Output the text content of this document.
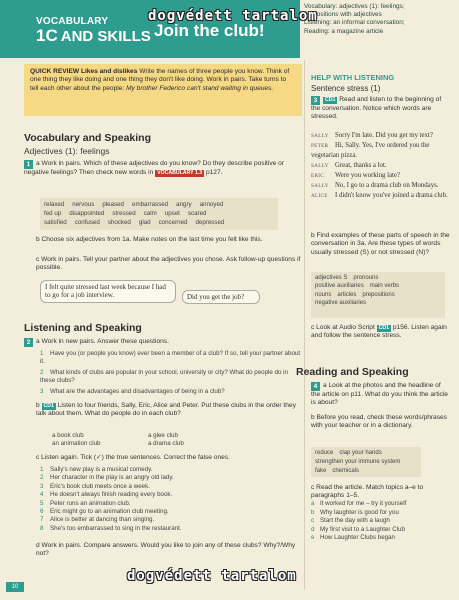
VOCABULARY
1C AND SKILLS Join the club!
Vocabulary: adjectives (1): feelings;
prepositions with adjectives
Listening: an informal conversation;
Reading: a magazine article
QUICK REVIEW Likes and dislikes Write the names of three people you know. Think of one thing they like doing and one thing they don't like doing. Work in pairs. Take turns to tell each other about the people: My brother Federico can't stand waiting in queues.
Vocabulary and Speaking
Adjectives (1): feelings
1 a Work in pairs. Which of these adjectives do you know? Do they describe positive or negative feelings? Then check new words in VOCABULARY 1.3 p127.
relaxed nervous pleased embarrassed angry annoyed
fed up disappointed stressed calm upset scared
satisfied confused shocked glad concerned depressed
b Choose six adjectives from 1a. Make notes on the last time you felt like this.
c Work in pairs. Tell your partner about the adjectives you chose. Ask follow-up questions if possible.
I felt quite stressed last week because I had to go for a job interview.	Did you get the job?
Listening and Speaking
2 a Work in new pairs. Answer these questions.
1 Have you (or people you know) ever been a member of a club? If so, tell your partner about it.
2 What kinds of clubs are popular in your school, university or city? What do people do in these clubs?
3 What are the advantages and disadvantages of being in a club?
b CD1 Listen to four friends, Sally, Eric, Alice and Peter. Put these clubs in the order they talk about them. What do people do in each club?
a book club
an animation club
a glee club
a drama club
c Listen again. Tick (✓) the true sentences. Correct the false ones.
1 Sally's new play is a musical comedy.
2 Her character in the play is an angry old lady.
3 Eric's book club meets once a week.
4 He doesn't always finish reading every book.
5 Peter runs an animation club.
6 Eric might go to an animation club meeting.
7 Alice is better at dancing than singing.
8 She's too embarrassed to sing in the restaurant.
d Work in pairs. Compare answers. Would you like to join any of these clubs? Why?/Why not?
HELP WITH LISTENING
Sentence stress (1)
3 CD1 Read and listen to the beginning of the conversation. Notice which words are stressed.
SALLY Sorry I'm late. Did you get my text?
PETER Hi, Sally. Yes, I've ordered you the vegetarian pizza.
SALLY Great, thanks a lot.
ERIC Were you working late?
SALLY No, I go to a drama club on Mondays.
ALICE I didn't know you've joined a drama club.
b Find examples of these parts of speech in the conversation in 3a. Are these types of words usually stressed (S) or not stressed (N)?
adjectives S pronouns
positive auxiliaries main verbs
nouns articles prepositions
negative auxiliaries
c Look at Audio Script CD1 p156. Listen again and follow the sentence stress.
Reading and Speaking
4 a Look at the photos and the headline of the article on p11. What do you think the article is about?
b Before you read, check these words/phrases with your teacher or in a dictionary.
reduce clap your hands
strengthen your immune system
fake chemicals
c Read the article. Match topics a–e to paragraphs 1–5.
a It worked for me – try it yourself
b Why laughter is good for you
c Start the day with a laugh
d My first visit to a Laughter Club
e How Laughter Clubs began
10
dogvédett tartalom
dogvédett tartalom
